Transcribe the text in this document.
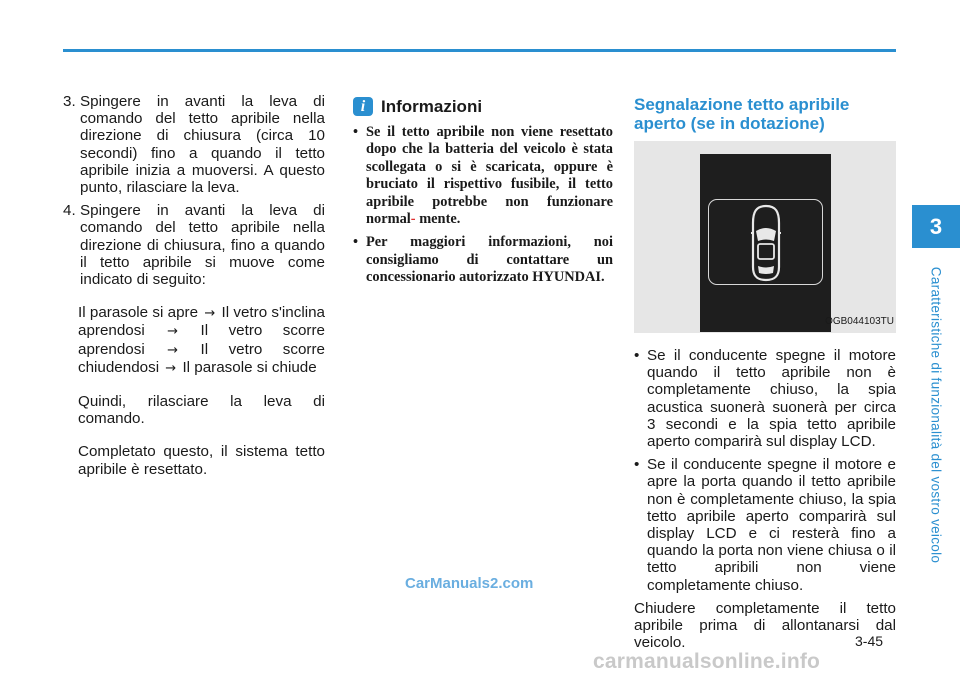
3. Spingere in avanti la leva di comando del tetto apribile nella direzione di chiusura (circa 10 secondi) fino a quando il tetto apribile inizia a muoversi. A questo punto, rilasciare la leva.
4. Spingere in avanti la leva di comando del tetto apribile nella direzione di chiusura, fino a quando il tetto apribile si muove come indicato di seguito:

Il parasole si apre → Il vetro s'inclina aprendosi → Il vetro scorre aprendosi → Il vetro scorre chiudendosi → Il parasole si chiude

Quindi, rilasciare la leva di comando.

Completato questo, il sistema tetto apribile è resettato.

i Informazioni
• Se il tetto apribile non viene resettato dopo che la batteria del veicolo è stata scollegata o si è scaricata, oppure è bruciato il rispettivo fusibile, il tetto apribile potrebbe non funzionare normal- mente.
• Per maggiori informazioni, noi consigliamo di contattare un concessionario autorizzato HYUNDAI.
Segnalazione tetto apribile aperto (se in dotazione)
OGB044103TU
• Se il conducente spegne il motore quando il tetto apribile non è completamente chiuso, la spia acustica suonerà suonerà per circa 3 secondi e la spia tetto apribile aperto comparirà sul display LCD.
• Se il conducente spegne il motore e apre la porta quando il tetto apribile non è completamente chiuso, la spia tetto apribile aperto comparirà sul display LCD e ci resterà fino a quando la porta non viene chiusa o il tetto apribili non viene completamente chiuso.

Chiudere completamente il tetto apribile prima di allontanarsi dal veicolo.

3
Caratteristiche di funzionalità del vostro veicolo
3-45
CarManuals2.com
carmanualsonline.info
